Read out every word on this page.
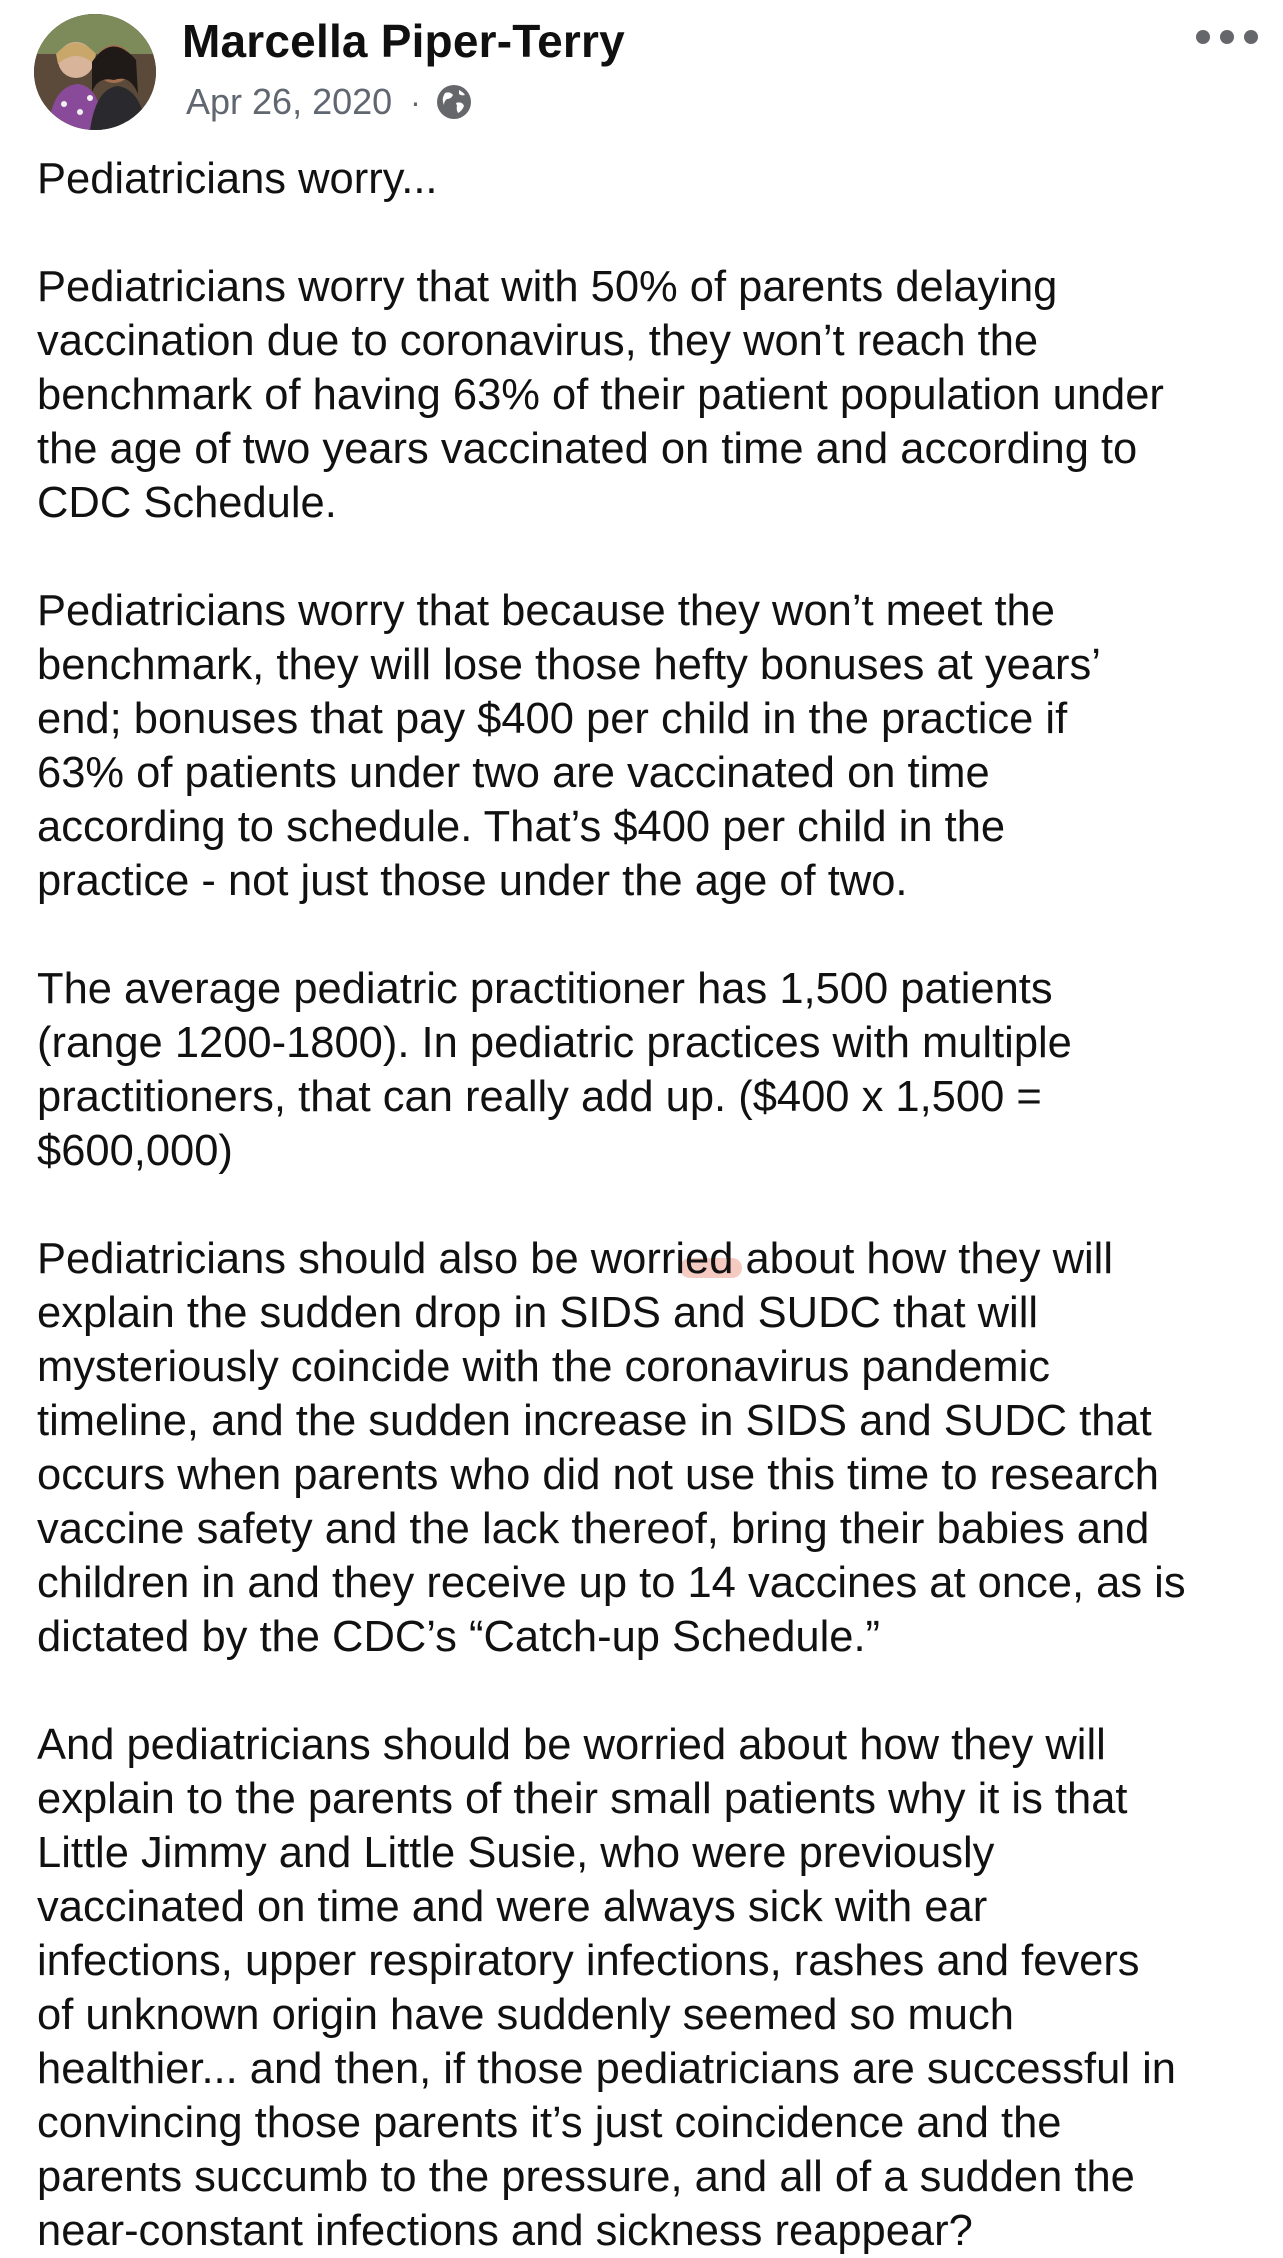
Marcella Piper-Terry
Apr 26, 2020 ·

Pediatricians worry...

Pediatricians worry that with 50% of parents delaying
vaccination due to coronavirus, they won’t reach the
benchmark of having 63% of their patient population under
the age of two years vaccinated on time and according to
CDC Schedule.

Pediatricians worry that because they won’t meet the
benchmark, they will lose those hefty bonuses at years’
end; bonuses that pay $400 per child in the practice if
63% of patients under two are vaccinated on time
according to schedule. That’s $400 per child in the
practice - not just those under the age of two.

The average pediatric practitioner has 1,500 patients
(range 1200-1800). In pediatric practices with multiple
practitioners, that can really add up. ($400 x 1,500 =
$600,000)

Pediatricians should also be worried about how they will
explain the sudden drop in SIDS and SUDC that will
mysteriously coincide with the coronavirus pandemic
timeline, and the sudden increase in SIDS and SUDC that
occurs when parents who did not use this time to research
vaccine safety and the lack thereof, bring their babies and
children in and they receive up to 14 vaccines at once, as is
dictated by the CDC’s “Catch-up Schedule.”

And pediatricians should be worried about how they will
explain to the parents of their small patients why it is that
Little Jimmy and Little Susie, who were previously
vaccinated on time and were always sick with ear
infections, upper respiratory infections, rashes and fevers
of unknown origin have suddenly seemed so much
healthier... and then, if those pediatricians are successful in
convincing those parents it’s just coincidence and the
parents succumb to the pressure, and all of a sudden the
near-constant infections and sickness reappear?
